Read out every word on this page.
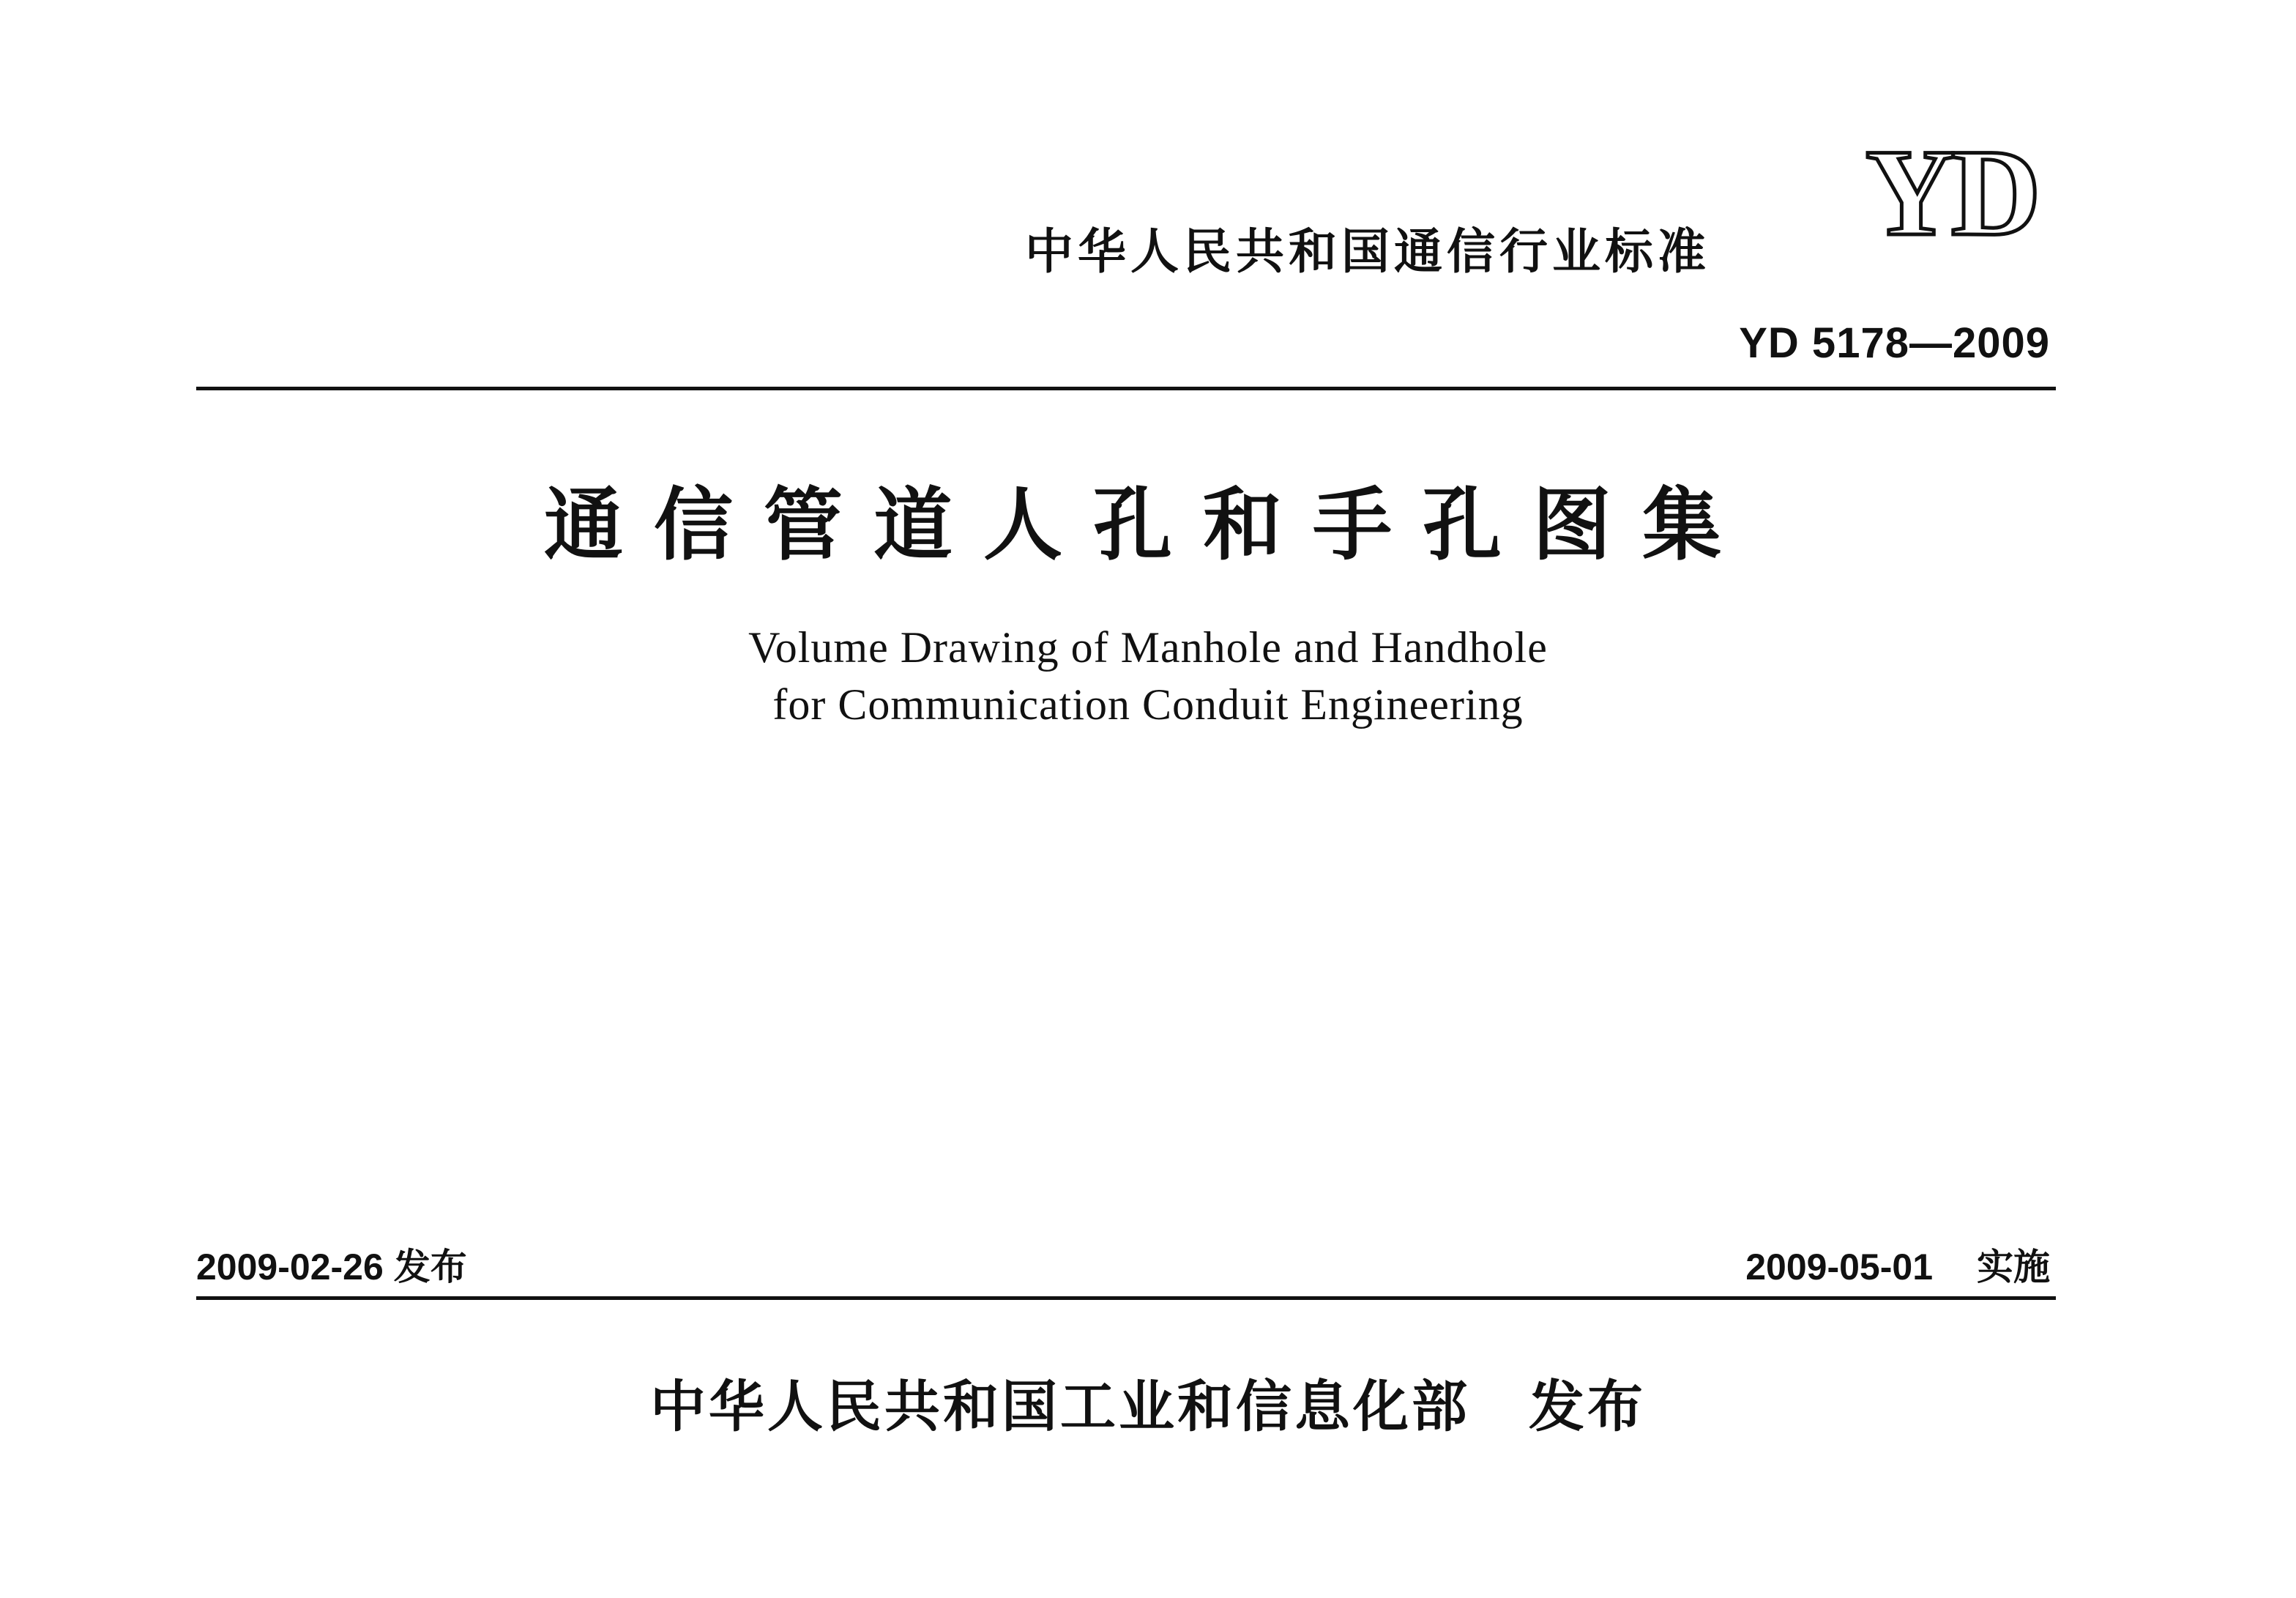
中华人民共和国通信行业标准 YD
YD 5178—2009
通信管道人孔和手孔图集
Volume Drawing of Manhole and Handhole
for Communication Conduit Engineering
2009-02-26 发布	2009-05-01 实施
中华人民共和国工业和信息化部 发布
